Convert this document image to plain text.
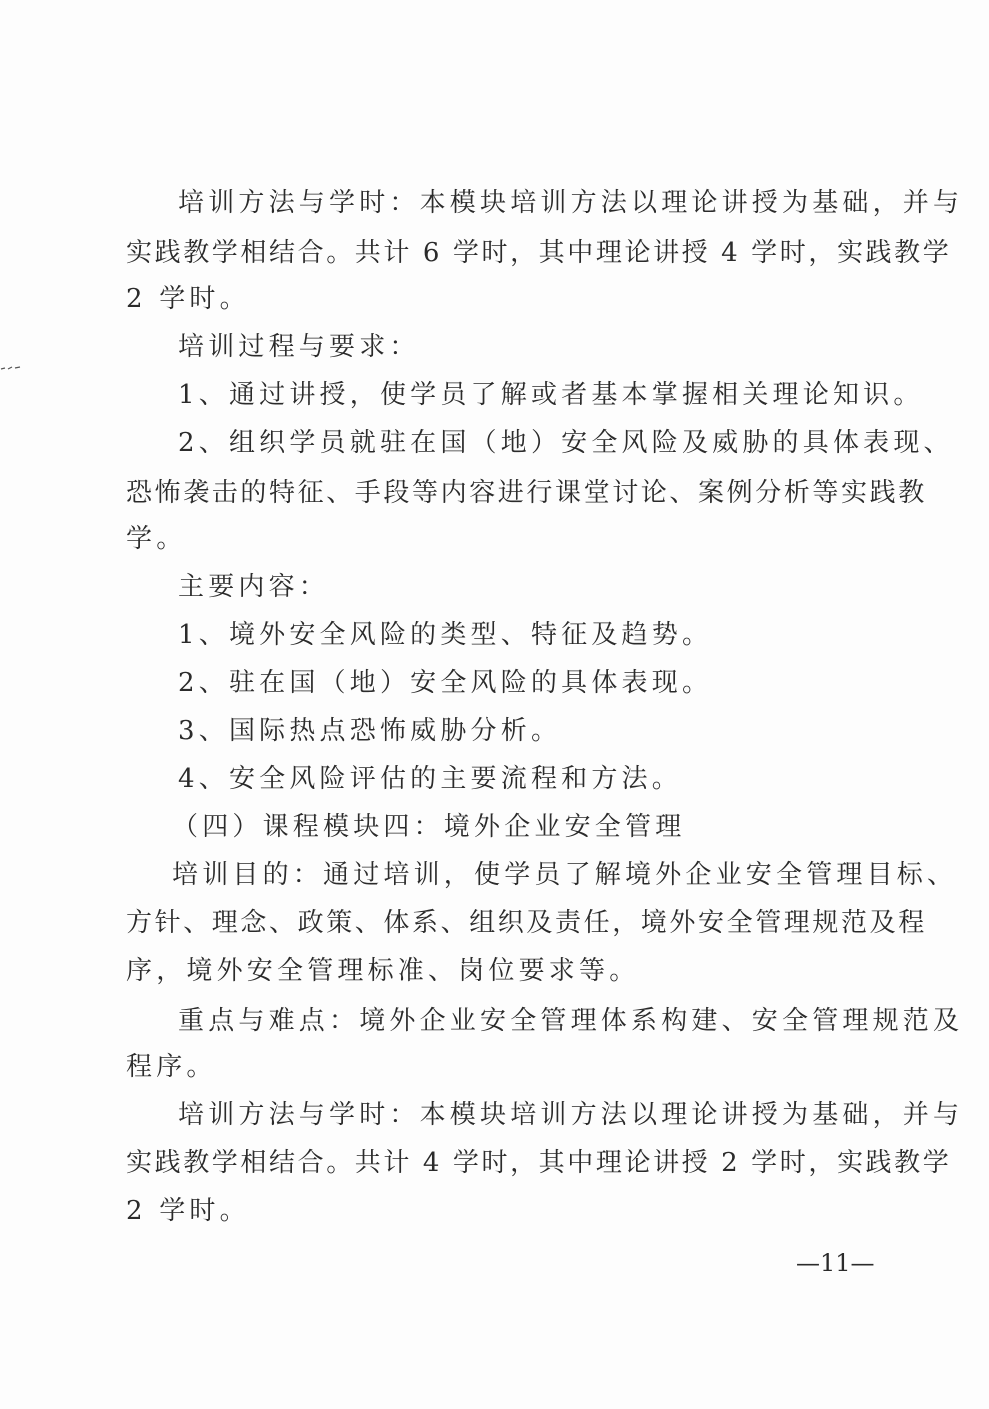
培训方法与学时：本模块培训方法以理论讲授为基础，并与
实践教学相结合。共计 6 学时，其中理论讲授 4 学时，实践教学
2 学时。
培训过程与要求：
1、通过讲授，使学员了解或者基本掌握相关理论知识。
2、组织学员就驻在国（地）安全风险及威胁的具体表现、
恐怖袭击的特征、手段等内容进行课堂讨论、案例分析等实践教
学。
主要内容：
1、境外安全风险的类型、特征及趋势。
2、驻在国（地）安全风险的具体表现。
3、国际热点恐怖威胁分析。
4、安全风险评估的主要流程和方法。
（四）课程模块四：境外企业安全管理
培训目的：通过培训，使学员了解境外企业安全管理目标、
方针、理念、政策、体系、组织及责任，境外安全管理规范及程
序，境外安全管理标准、岗位要求等。
重点与难点：境外企业安全管理体系构建、安全管理规范及
程序。
培训方法与学时：本模块培训方法以理论讲授为基础，并与
实践教学相结合。共计 4 学时，其中理论讲授 2 学时，实践教学
2 学时。
—11—
